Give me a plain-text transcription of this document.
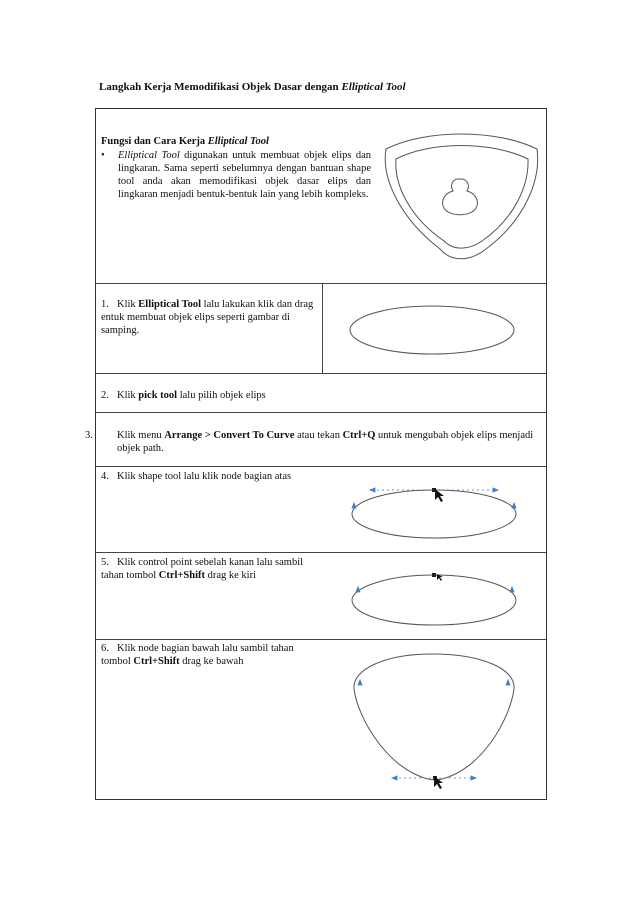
Langkah Kerja Memodifikasi Objek Dasar dengan Elliptical Tool
Fungsi dan Cara Kerja Elliptical Tool
•	Elliptical Tool digunakan untuk membuat objek elips dan lingkaran. Sama seperti sebelumnya dengan bantuan shape tool anda akan memodifikasi objek dasar elips dan lingkaran menjadi bentuk-bentuk lain yang lebih kompleks.
1. Klik Elliptical Tool lalu lakukan klik dan drag entuk membuat objek elips seperti gambar di samping.
2. Klik pick tool lalu pilih objek elips
3. Klik menu Arrange > Convert To Curve atau tekan Ctrl+Q untuk mengubah objek elips menjadi objek path.
4. Klik shape tool lalu klik node bagian atas
5. Klik control point sebelah kanan lalu sambil tahan tombol Ctrl+Shift drag ke kiri
6. Klik node bagian bawah lalu sambil tahan tombol Ctrl+Shift drag ke bawah
